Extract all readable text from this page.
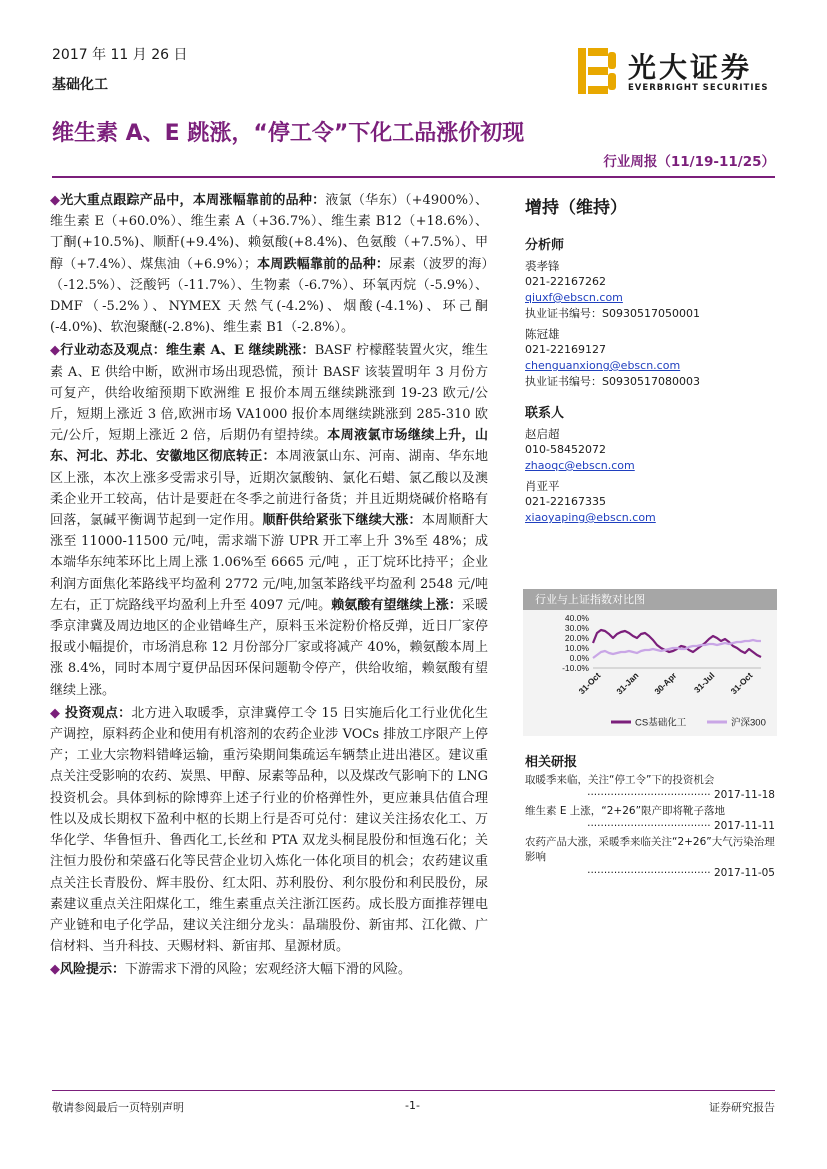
2017 年 11 月 26 日
基础化工
光大证券
EVERBRIGHT SECURITIES
维生素 A、E 跳涨，“停工令”下化工品涨价初现
行业周报（11/19-11/25）

◆光大重点跟踪产品中，本周涨幅靠前的品种：液氯（华东）（+4900%）、维生素 E（+60.0%）、维生素 A（+36.7%）、维生素 B12（+18.6%）、丁酮(+10.5%)、顺酐(+9.4%)、赖氨酸(+8.4%)、色氨酸（+7.5%）、甲醇（+7.4%）、煤焦油（+6.9%）；本周跌幅靠前的品种：尿素（波罗的海）（-12.5%）、泛酸钙（-11.7%）、生物素（-6.7%）、环氧丙烷（-5.9%）、DMF（-5.2%）、NYMEX 天然气(-4.2%)、烟酸(-4.1%)、环己酮(-4.0%)、软泡聚醚(-2.8%)、维生素 B1（-2.8%）。

◆行业动态及观点：维生素 A、E 继续跳涨：BASF 柠檬醛装置火灾，维生素 A、E 供给中断，欧洲市场出现恐慌，预计 BASF 该装置明年 3 月份方可复产，供给收缩预期下欧洲维 E 报价本周五继续跳涨到 19-23 欧元/公斤，短期上涨近 3 倍,欧洲市场 VA1000 报价本周继续跳涨到 285-310 欧元/公斤，短期上涨近 2 倍，后期仍有望持续。本周液氯市场继续上升，山东、河北、苏北、安徽地区彻底转正：本周液氯山东、河南、湖南、华东地区上涨，本次上涨多受需求引导，近期次氯酸钠、氯化石蜡、氯乙酸以及澳柔企业开工较高，估计是要赶在冬季之前进行备货；并且近期烧碱价格略有回落，氯碱平衡调节起到一定作用。顺酐供给紧张下继续大涨：本周顺酐大涨至 11000-11500 元/吨，需求端下游 UPR 开工率上升 3%至 48%；成本端华东纯苯环比上周上涨 1.06%至 6665 元/吨 ，正丁烷环比持平；企业利润方面焦化苯路线平均盈利 2772 元/吨,加氢苯路线平均盈利 2548 元/吨左右，正丁烷路线平均盈利上升至 4097 元/吨。赖氨酸有望继续上涨：采暖季京津冀及周边地区的企业错峰生产，原料玉米淀粉价格反弹，近日厂家停报或小幅提价，市场消息称 12 月份部分厂家或将减产 40%，赖氨酸本周上涨 8.4%，同时本周宁夏伊品因环保问题勒令停产，供给收缩，赖氨酸有望继续上涨。

◆ 投资观点：北方进入取暖季，京津冀停工令 15 日实施后化工行业优化生产调控，原料药企业和使用有机溶剂的农药企业涉 VOCs 排放工序限产上停产；工业大宗物料错峰运输，重污染期间集疏运车辆禁止进出港区。建议重点关注受影响的农药、炭黑、甲醇、尿素等品种，以及煤改气影响下的 LNG 投资机会。具体到标的除博弈上述子行业的价格弹性外，更应兼具估值合理性以及成长期权下盈利中枢的长期上行是否可兑付：建议关注扬农化工、万华化学、华鲁恒升、鲁西化工,长丝和 PTA 双龙头桐昆股份和恒逸石化；关注恒力股份和荣盛石化等民营企业切入炼化一体化项目的机会；农药建议重点关注长青股份、辉丰股份、红太阳、苏利股份、利尔股份和利民股份，尿素建议重点关注阳煤化工，维生素重点关注浙江医药。成长股方面推荐锂电产业链和电子化学品，建议关注细分龙头：晶瑞股份、新宙邦、江化微、广信材料、当升科技、天赐材料、新宙邦、星源材质。

◆风险提示：下游需求下滑的风险；宏观经济大幅下滑的风险。

增持（维持）
分析师
裘孝锋
021-22167262
qiuxf@ebscn.com
执业证书编号：S0930517050001
陈冠雄
021-22169127
chenguanxiong@ebscn.com
执业证书编号：S0930517080003
联系人
赵启超
010-58452072
zhaoqc@ebscn.com
肖亚平
021-22167335
xiaoyaping@ebscn.com
行业与上证指数对比图
40.0%
30.0%
20.0%
10.0%
0.0%
-10.0%
31-Oct 31-Jan 30-Apr 31-Jul 31-Oct
CS基础化工	沪深300
相关研报
取暖季来临，关注“停工令”下的投资机会
····································· 2017-11-18
维生素 E 上涨，“2+26”限产即将靴子落地
····································· 2017-11-11
农药产品大涨，采暖季来临关注“2+26”大气污染治理影响
····································· 2017-11-05
敬请参阅最后一页特别声明	-1-	证券研究报告
